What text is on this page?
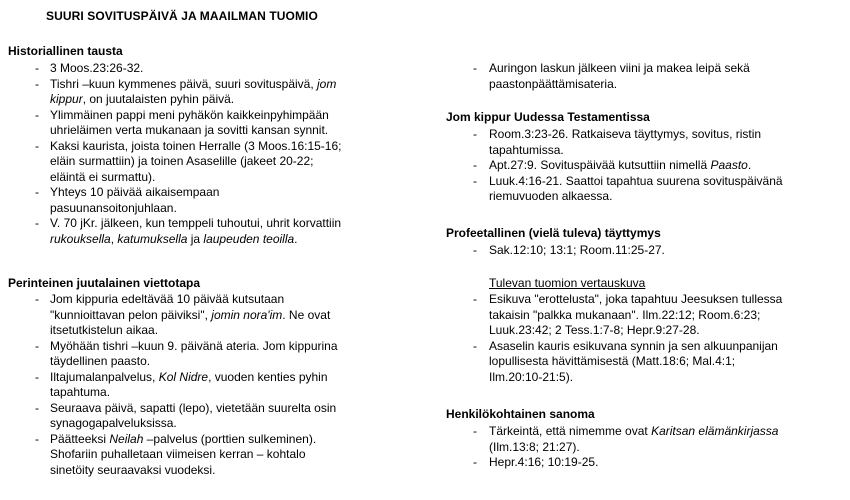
SUURI SOVITUSPÄIVÄ JA MAAILMAN TUOMIO
Historiallinen tausta
- 3 Moos.23:26-32.
- Tishri –kuun kymmenes päivä, suuri sovituspäivä, jom
kippur, on juutalaisten pyhin päivä.
- Ylimmäinen pappi meni pyhäkön kaikkeinpyhimpään
uhrieläimen verta mukanaan ja sovitti kansan synnit.
- Kaksi kaurista, joista toinen Herralle (3 Moos.16:15-16;
eläin surmattiin) ja toinen Asaselille (jakeet 20-22;
eläintä ei surmattu).
- Yhteys 10 päivää aikaisempaan
pasuunansoitonjuhlaan.
- V. 70 jKr. jälkeen, kun temppeli tuhoutui, uhrit korvattiin
rukouksella, katumuksella ja laupeuden teoilla.
Perinteinen juutalainen viettotapa
- Jom kippuria edeltävää 10 päivää kutsutaan
"kunnioittavan pelon päiviksi", jomin nora'im. Ne ovat
itsetutkistelun aikaa.
- Myöhään tishri –kuun 9. päivänä ateria. Jom kippurina
täydellinen paasto.
- Iltajumalanpalvelus, Kol Nidre, vuoden kenties pyhin
tapahtuma.
- Seuraava päivä, sapatti (lepo), vietetään suurelta osin
synagogapalveluksissa.
- Päätteeksi Neilah –palvelus (porttien sulkeminen).
Shofariin puhalletaan viimeisen kerran – kohtalo
sinetöity seuraavaksi vuodeksi.
- Auringon laskun jälkeen viini ja makea leipä sekä
paastonpäättämisateria.
Jom kippur Uudessa Testamentissa
- Room.3:23-26. Ratkaiseva täyttymys, sovitus, ristin
tapahtumissa.
- Apt.27:9. Sovituspäivää kutsuttiin nimellä Paasto.
- Luuk.4:16-21. Saattoi tapahtua suurena sovituspäivänä
riemuvuoden alkaessa.
Profeetallinen (vielä tuleva) täyttymys
- Sak.12:10; 13:1; Room.11:25-27.
Tulevan tuomion vertauskuva
- Esikuva "erottelusta", joka tapahtuu Jeesuksen tullessa
takaisin "palkka mukanaan". Ilm.22:12; Room.6:23;
Luuk.23:42; 2 Tess.1:7-8; Hepr.9:27-28.
- Asaselin kauris esikuvana synnin ja sen alkuunpanijan
lopullisesta hävittämisestä (Matt.18:6; Mal.4:1;
Ilm.20:10-21:5).
Henkilökohtainen sanoma
- Tärkeintä, että nimemme ovat Karitsan elämänkirjassa
(Ilm.13:8; 21:27).
- Hepr.4:16; 10:19-25.
